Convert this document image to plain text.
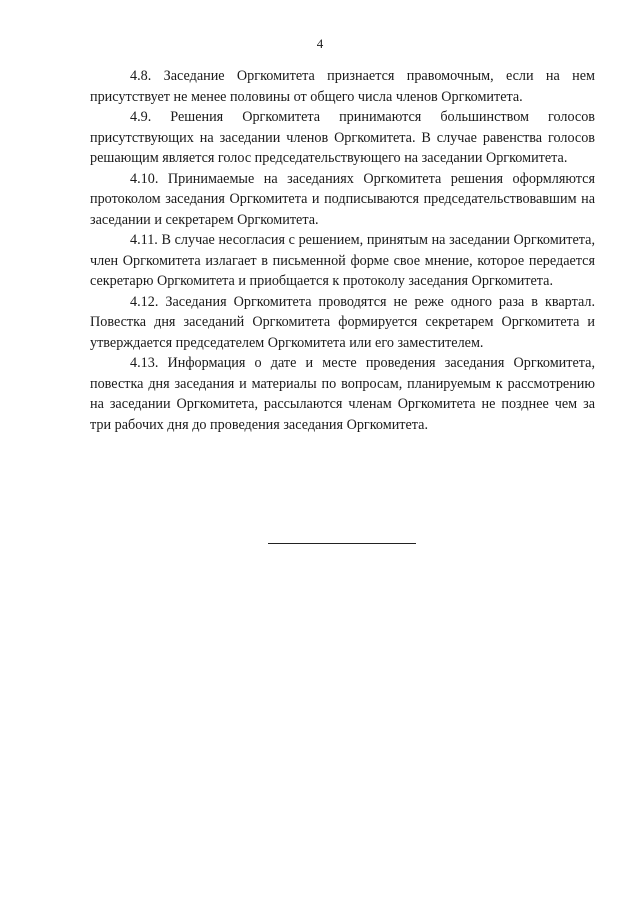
4

4.8. Заседание Оргкомитета признается правомочным, если на нем присутствует не менее половины от общего числа членов Оргкомитета.

4.9. Решения Оргкомитета принимаются большинством голосов присутствующих на заседании членов Оргкомитета. В случае равенства голосов решающим является голос председательствующего на заседании Оргкомитета.

4.10. Принимаемые на заседаниях Оргкомитета решения оформляются протоколом заседания Оргкомитета и подписываются председательствовавшим на заседании и секретарем Оргкомитета.

4.11. В случае несогласия с решением, принятым на заседании Оргкомитета, член Оргкомитета излагает в письменной форме свое мнение, которое передается секретарю Оргкомитета и приобщается к протоколу заседания Оргкомитета.

4.12. Заседания Оргкомитета проводятся не реже одного раза в квартал. Повестка дня заседаний Оргкомитета формируется секретарем Оргкомитета и утверждается председателем Оргкомитета или его заместителем.

4.13. Информация о дате и месте проведения заседания Оргкомитета, повестка дня заседания и материалы по вопросам, планируемым к рассмотрению на заседании Оргкомитета, рассылаются членам Оргкомитета не позднее чем за три рабочих дня до проведения заседания Оргкомитета.
